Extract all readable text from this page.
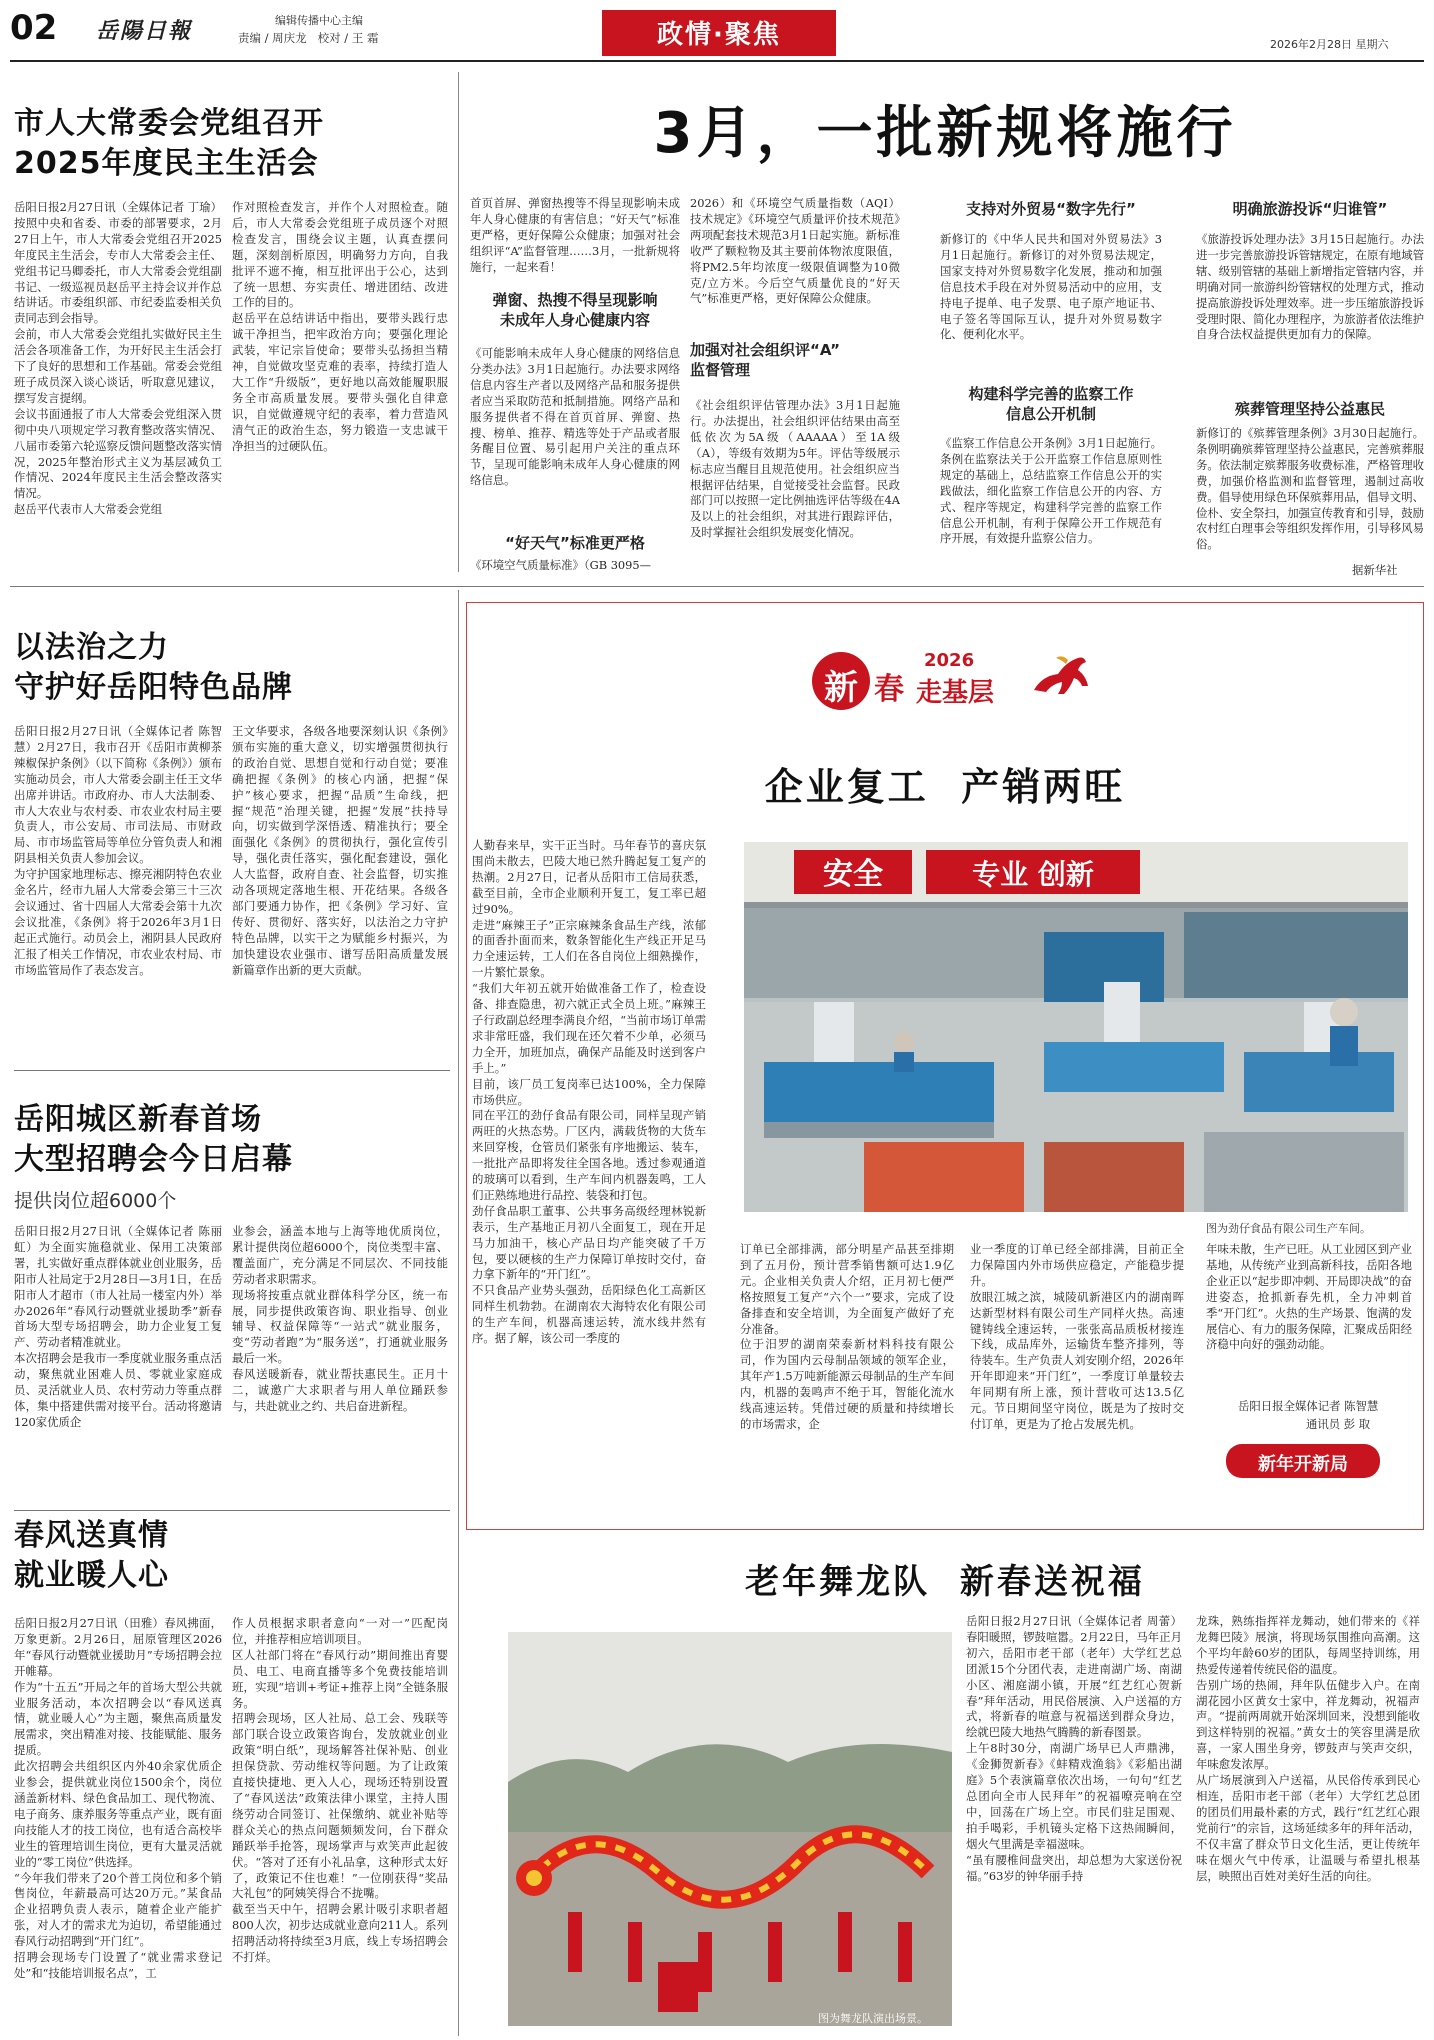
02 岳陽日報	编辑传播中心主编
责编 / 周庆龙   校对 / 王 霜	政情·聚焦	2026年2月28日 星期六
市人大常委会党组召开
2025年度民主生活会
岳阳日报2月27日讯（全媒体记者 丁瑜）按照中央和省委、市委的部署要求，2月27日上午，市人大常委会党组召开2025年度民主生活会，专市人大常委会主任、党组书记马卿委托，市人大常委会党组副书记、一级巡视员赵岳平主持会议并作总结讲话。市委组织部、市纪委监委相关负责同志到会指导。
会前，市人大常委会党组扎实做好民主生活会各项准备工作，为开好民主生活会打下了良好的思想和工作基础。常委会党组班子成员深入谈心谈话，听取意见建议，摆写发言提纲。
会议书面通报了市人大常委会党组深入贯彻中央八项规定学习教育整改落实情况、八届市委第六轮巡察反馈问题整改落实情况，2025年整治形式主义为基层减负工作情况、2024年度民主生活会整改落实情况。
赵岳平代表市人大常委会党组
作对照检查发言，并作个人对照检查。随后，市人大常委会党组班子成员逐个对照检查发言，围绕会议主题，认真查摆问题，深刻剖析原因，明确努力方向，自我批评不遮不掩，相互批评出于公心，达到了统一思想、夯实责任、增进团结、改进工作的目的。
赵岳平在总结讲话中指出，要带头践行忠诚干净担当，把牢政治方向；要强化理论武装，牢记宗旨使命；要带头弘扬担当精神，自觉做攻坚克难的表率，持续打造人大工作“升级版”，更好地以高效能履职服务全市高质量发展。要带头强化自律意识，自觉做遵规守纪的表率，着力营造风清气正的政治生态，努力锻造一支忠诚干净担当的过硬队伍。
3月，一批新规将施行
首页首屏、弹窗热搜等不得呈现影响未成年人身心健康的有害信息；“好天气”标准更严格，更好保障公众健康；加强对社会组织评“A”监督管理……3月，一批新规将施行，一起来看！
弹窗、热搜不得呈现影响
未成年人身心健康内容
《可能影响未成年人身心健康的网络信息分类办法》3月1日起施行。办法要求网络信息内容生产者以及网络产品和服务提供者应当采取防范和抵制措施。网络产品和服务提供者不得在首页首屏、弹窗、热搜、榜单、推荐、精选等处于产品或者服务醒目位置、易引起用户关注的重点环节，呈现可能影响未成年人身心健康的网络信息。
“好天气”标准更严格
《环境空气质量标准》（GB 3095—
2026）和《环境空气质量指数（AQI）技术规定》《环境空气质量评价技术规范》两项配套技术规范3月1日起实施。新标准收严了颗粒物及其主要前体物浓度限值，将PM2.5年均浓度一级限值调整为10微克/立方米。今后空气质量优良的“好天气”标准更严格，更好保障公众健康。
加强对社会组织评“A”
监督管理
《社会组织评估管理办法》3月1日起施行。办法提出，社会组织评估结果由高至低依次为5A级（AAAAA）至1A级（A），等级有效期为5年。评估等级展示标志应当醒目且规范使用。社会组织应当根据评估结果，自觉接受社会监督。民政部门可以按照一定比例抽选评估等级在4A及以上的社会组织，对其进行跟踪评估，及时掌握社会组织发展变化情况。
支持对外贸易“数字先行”
新修订的《中华人民共和国对外贸易法》3月1日起施行。新修订的对外贸易法规定，国家支持对外贸易数字化发展，推动和加强信息技术手段在对外贸易活动中的应用，支持电子提单、电子发票、电子原产地证书、电子签名等国际互认，提升对外贸易数字化、便利化水平。
构建科学完善的监察工作
信息公开机制
《监察工作信息公开条例》3月1日起施行。条例在监察法关于公开监察工作信息原则性规定的基础上，总结监察工作信息公开的实践做法，细化监察工作信息公开的内容、方式、程序等规定，构建科学完善的监察工作信息公开机制，有利于保障公开工作规范有序开展，有效提升监察公信力。
明确旅游投诉“归谁管”
《旅游投诉处理办法》3月15日起施行。办法进一步完善旅游投诉管辖规定，在原有地域管辖、级别管辖的基础上新增指定管辖内容，并明确对同一旅游纠纷管辖权的处理方式，推动提高旅游投诉处理效率。进一步压缩旅游投诉受理时限、简化办理程序，为旅游者依法维护自身合法权益提供更加有力的保障。
殡葬管理坚持公益惠民
新修订的《殡葬管理条例》3月30日起施行。条例明确殡葬管理坚持公益惠民，完善殡葬服务。依法制定殡葬服务收费标准，严格管理收费，加强价格监测和监督管理，遏制过高收费。倡导使用绿色环保殡葬用品，倡导文明、俭朴、安全祭扫，加强宣传教育和引导，鼓励农村红白理事会等组织发挥作用，引导移风易俗。
据新华社
以法治之力
守护好岳阳特色品牌
岳阳日报2月27日讯（全媒体记者 陈智慧）2月27日，我市召开《岳阳市黄柳茶辣椒保护条例》（以下简称《条例》）颁布实施动员会，市人大常委会副主任王文华出席并讲话。市政府办、市人大法制委、市人大农业与农村委、市农业农村局主要负责人，市公安局、市司法局、市财政局、市市场监管局等单位分管负责人和湘阴县相关负责人参加会议。
为守护国家地理标志、擦亮湘阴特色农业金名片，经市九届人大常委会第三十三次会议通过、省十四届人大常委会第十九次会议批准，《条例》将于2026年3月1日起正式施行。动员会上，湘阴县人民政府汇报了相关工作情况，市农业农村局、市市场监管局作了表态发言。
王文华要求，各级各地要深刻认识《条例》颁布实施的重大意义，切实增强贯彻执行的政治自觉、思想自觉和行动自觉；要准确把握《条例》的核心内涵，把握“保护”核心要求，把握“品质”生命线，把握“规范”治理关键，把握“发展”扶持导向，切实做到学深悟透、精准执行；要全面强化《条例》的贯彻执行，强化宣传引导，强化责任落实，强化配套建设，强化人大监督，政府自查、社会监督，切实推动各项规定落地生根、开花结果。各级各部门要通力协作，把《条例》学习好、宣传好、贯彻好、落实好，以法治之力守护特色品牌，以实干之为赋能乡村振兴，为加快建设农业强市、谱写岳阳高质量发展新篇章作出新的更大贡献。
岳阳城区新春首场
大型招聘会今日启幕
提供岗位超6000个
岳阳日报2月27日讯（全媒体记者 陈丽虹）为全面实施稳就业、保用工决策部署，扎实做好重点群体就业创业服务，岳阳市人社局定于2月28日—3月1日，在岳阳市人才超市（市人社局一楼室内外）举办2026年“春风行动暨就业援助季”新春首场大型专场招聘会，助力企业复工复产、劳动者精准就业。
本次招聘会是我市一季度就业服务重点活动，聚焦就业困难人员、零就业家庭成员、灵活就业人员、农村劳动力等重点群体，集中搭建供需对接平台。活动将邀请120家优质企
业参会，涵盖本地与上海等地优质岗位，累计提供岗位超6000个，岗位类型丰富、覆盖面广，充分满足不同层次、不同技能劳动者求职需求。
现场将按重点就业群体科学分区，统一布展，同步提供政策咨询、职业指导、创业辅导、权益保障等“一站式”就业服务，变“劳动者跑”为“服务送”，打通就业服务最后一米。
春风送暖新春，就业帮扶惠民生。正月十二，诚邀广大求职者与用人单位踊跃参与，共赴就业之约、共启奋进新程。
春风送真情
就业暖人心
岳阳日报2月27日讯（田雅）春风拂面，万象更新。2月26日，屈原管理区2026年“春风行动暨就业援助月”专场招聘会拉开帷幕。
作为“十五五”开局之年的首场大型公共就业服务活动，本次招聘会以“春风送真情，就业暖人心”为主题，聚焦高质量发展需求，突出精准对接、技能赋能、服务提质。
此次招聘会共组织区内外40余家优质企业参会，提供就业岗位1500余个，岗位涵盖新材料、绿色食品加工、现代物流、电子商务、康养服务等重点产业，既有面向技能人才的技工岗位，也有适合高校毕业生的管理培训生岗位，更有大量灵活就业的“零工岗位”供选择。
“今年我们带来了20个普工岗位和多个销售岗位，年薪最高可达20万元。”某食品企业招聘负责人表示，随着企业产能扩张，对人才的需求尤为迫切，希望能通过春风行动招聘到“开门红”。
招聘会现场专门设置了“就业需求登记处”和“技能培训报名点”，工
作人员根据求职者意向“一对一”匹配岗位，并推荐相应培训项目。
区人社部门将在“春风行动”期间推出育婴员、电工、电商直播等多个免费技能培训班，实现“培训+考证+推荐上岗”全链条服务。
招聘会现场，区人社局、总工会、残联等部门联合设立政策咨询台，发放就业创业政策“明白纸”，现场解答社保补贴、创业担保贷款、劳动维权等问题。为了让政策直接快捷地、更入人心，现场还特别设置了“春风送法”政策法律小课堂，主持人围绕劳动合同签订、社保缴纳、就业补贴等群众关心的热点问题频频发问，台下群众踊跃举手抢答，现场掌声与欢笑声此起彼伏。“答对了还有小礼品拿，这种形式太好了，政策记不住也难！”一位刚获得“奖品大礼包”的阿姨笑得合不拢嘴。
截至当天中午，招聘会累计吸引求职者超800人次，初步达成就业意向211人。系列招聘活动将持续至3月底，线上专场招聘会不打烊。
新 春
2026
走基层
企业复工  产销两旺
人勤春来早，实干正当时。马年春节的喜庆氛围尚未散去，巴陵大地已然升腾起复工复产的热潮。2月27日，记者从岳阳市工信局获悉，截至目前，全市企业顺利开复工，复工率已超过90%。
走进“麻辣王子”正宗麻辣条食品生产线，浓郁的面香扑面而来，数条智能化生产线正开足马力全速运转，工人们在各自岗位上细熟操作，一片繁忙景象。
“我们大年初五就开始做准备工作了，检查设备、排查隐患，初六就正式全员上班。”麻辣王子行政副总经理李满良介绍，“当前市场订单需求非常旺盛，我们现在还欠着不少单，必须马力全开，加班加点，确保产品能及时送到客户手上。”
目前，该厂员工复岗率已达100%，全力保障市场供应。
同在平江的劲仔食品有限公司，同样呈现产销两旺的火热态势。厂区内，满载货物的大货车来回穿梭，仓管员们紧张有序地搬运、装车，一批批产品即将发往全国各地。透过参观通道的玻璃可以看到，生产车间内机器轰鸣，工人们正熟练地进行品控、装袋和打包。
劲仔食品职工董事、公共事务高级经理林锐新表示，生产基地正月初八全面复工，现在开足马力加油干，核心产品日均产能突破了千万包，要以硬核的生产力保障订单按时交付，奋力拿下新年的“开门红”。
不只食品产业势头强劲，岳阳绿色化工高新区同样生机勃勃。在湖南农大海特农化有限公司的生产车间，机器高速运转，流水线井然有序。据了解，该公司一季度的
安全	专业 创新
图为劲仔食品有限公司生产车间。
订单已全部排满，部分明星产品甚至排期到了五月份，预计营季销售额可达1.9亿元。企业相关负责人介绍，正月初七便严格按照复工复产“六个一”要求，完成了设备排查和安全培训，为全面复产做好了充分准备。
位于汨罗的湖南荣泰新材料科技有限公司，作为国内云母制品领域的领军企业，其年产1.5万吨新能源云母制品的生产车间内，机器的轰鸣声不绝于耳，智能化流水线高速运转。凭借过硬的质量和持续增长的市场需求，企
业一季度的订单已经全部排满，目前正全力保障国内外市场供应稳定，产能稳步提升。
放眼江城之滨，城陵矶新港区内的湖南晖达新型材料有限公司生产同样火热。高速键铸线全速运转，一张张高品质板材接连下线，成品库外，运输货车整齐排列，等待装车。生产负责人刘安刚介绍，2026年开年即迎来“开门红”，一季度订单量较去年同期有所上涨，预计营收可达13.5亿元。节日期间坚守岗位，既是为了按时交付订单，更是为了抢占发展先机。
年味未散，生产已旺。从工业园区到产业基地，从传统产业到高新科技，岳阳各地企业正以“起步即冲刺、开局即决战”的奋进姿态，抢抓新春先机，全力冲刺首季“开门红”。火热的生产场景、饱满的发展信心、有力的服务保障，汇聚成岳阳经济稳中向好的强劲动能。
岳阳日报全媒体记者 陈智慧
通讯员 彭 取
新年开新局
老年舞龙队  新春送祝福
图为舞龙队演出场景。
岳阳日报2月27日讯（全媒体记者 周蕾）春阳暖照，锣鼓喧嚣。2月22日，马年正月初六，岳阳市老干部（老年）大学红艺总团派15个分团代表，走进南湖广场、南湖小区、湘庭湖小镇，开展“红艺红心贺新春”拜年活动，用民俗展演、入户送福的方式，将新春的喧意与祝福送到群众身边，绘就巴陵大地热气腾腾的新春图景。
上午8时30分，南湖广场早已人声鼎沸，《金狮贺新春》《蚌精戏渔翁》《彩船出湖庭》5个表演篇章依次出场，一句句“红艺总团向全市人民拜年”的祝福嘹亮响在空中，回荡在广场上空。市民们驻足围观、拍手喝彩，手机镜头定格下这热闹瞬间，烟火气里满是幸福滋味。
“虽有腰椎间盘突出，却总想为大家送份祝福。”63岁的钟华丽手持
龙珠，熟练指挥祥龙舞动，她们带来的《祥龙舞巴陵》展演，将现场氛围推向高潮。这个平均年龄60岁的团队，每周坚持训练，用热爱传递着传统民俗的温度。
告别广场的热闹，拜年队伍健步入户。在南湖花园小区黄女士家中，祥龙舞动，祝福声声。“提前两周就开始深圳回来，没想到能收到这样特别的祝福。”黄女士的笑容里满是欣喜，一家人围坐身旁，锣鼓声与笑声交织，年味愈发浓厚。
从广场展演到入户送福，从民俗传承到民心相连，岳阳市老干部（老年）大学红艺总团的团员们用最朴素的方式，践行“红艺红心跟党前行”的宗旨，这场延续多年的拜年活动，不仅丰富了群众节日文化生活，更让传统年味在烟火气中传承，让温暖与希望扎根基层，映照出百姓对美好生活的向往。
